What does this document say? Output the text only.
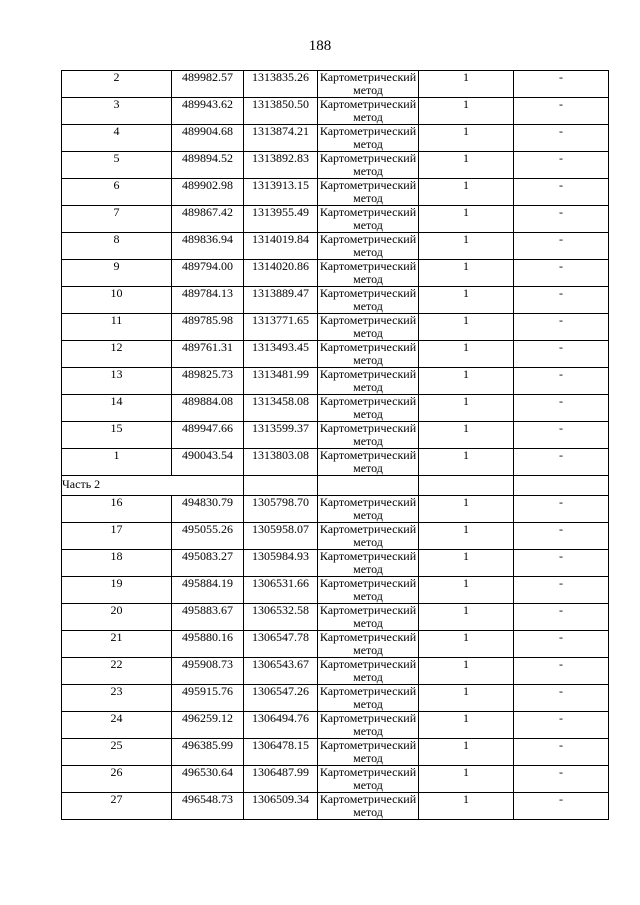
188
2	489982.57	1313835.26	Картометрический метод	1	-
3	489943.62	1313850.50	Картометрический метод	1	-
4	489904.68	1313874.21	Картометрический метод	1	-
5	489894.52	1313892.83	Картометрический метод	1	-
6	489902.98	1313913.15	Картометрический метод	1	-
7	489867.42	1313955.49	Картометрический метод	1	-
8	489836.94	1314019.84	Картометрический метод	1	-
9	489794.00	1314020.86	Картометрический метод	1	-
10	489784.13	1313889.47	Картометрический метод	1	-
11	489785.98	1313771.65	Картометрический метод	1	-
12	489761.31	1313493.45	Картометрический метод	1	-
13	489825.73	1313481.99	Картометрический метод	1	-
14	489884.08	1313458.08	Картометрический метод	1	-
15	489947.66	1313599.37	Картометрический метод	1	-
1	490043.54	1313803.08	Картометрический метод	1	-
Часть 2					
16	494830.79	1305798.70	Картометрический метод	1	-
17	495055.26	1305958.07	Картометрический метод	1	-
18	495083.27	1305984.93	Картометрический метод	1	-
19	495884.19	1306531.66	Картометрический метод	1	-
20	495883.67	1306532.58	Картометрический метод	1	-
21	495880.16	1306547.78	Картометрический метод	1	-
22	495908.73	1306543.67	Картометрический метод	1	-
23	495915.76	1306547.26	Картометрический метод	1	-
24	496259.12	1306494.76	Картометрический метод	1	-
25	496385.99	1306478.15	Картометрический метод	1	-
26	496530.64	1306487.99	Картометрический метод	1	-
27	496548.73	1306509.34	Картометрический метод	1	-
